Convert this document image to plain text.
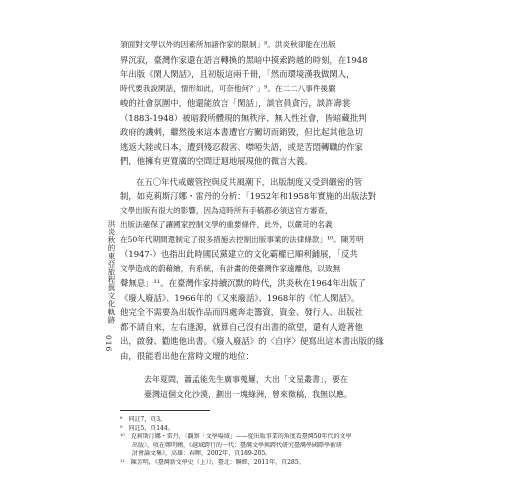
洪炎秋的東亞旅程與文化軌跡
016
須面對文學以外的因素所加諸作家的限制」⁸。洪炎秋卻能在出版
界沉寂，臺灣作家還在語言轉換的黑暗中摸索跨越的時刻，在1948
年出版《閑人閑話》，且初版這兩千冊，「然而環境漢我做閑人，
時代要我說閑話，情形如此，可奈他何？」⁹。在二二八事件後嚴
峻的社會氛圍中，他還能放言「閑話」，談官員貪污，談許壽裳
（1883-1948）被暗殺所體現的無秩序、無人性社會，皆暗藏批判
政府的譏刺，繼然後來這本書遭官方關切而銷毀，但比起其他急切
逃返大陸或日本，遭到殘忍殺害、噤啞失語，或是苦悶轉職的作家
們，他擁有更寬廣的空間迂迴地展現他的微言大義。
在五〇年代戒嚴管控與反共風潮下，出版制度又受到嚴密的管
制，如克莉斯汀娜・雷丹的分析：「1952年和1958年實施的出版法對
文學出版有很大的影響，因為這時所有手稿都必須送官方審查，
出版法確保了讓國家控制文學的重要條件，此外，以嚴苛的名義
在50年代期間還制定了很多措施去控制出版事業的法律條款」¹⁰。陳芳明
（1947-）也指出此時國民黨建立的文化霸權已順利鋪展，「反共
文學造成的蔚藉繪，有系統，有計畫的使臺灣作家遠離他，以致無
聲無息」¹¹。在臺灣作家持續沉默的時代，洪炎秋在1964年出版了
《廢人廢話》、1966年的《又來廢話》、1968年的《忙人閑話》。
他完全不需要為出版作品而四處奔走籌資，資金、發行人、出版社
都不請自來，左右逢源，就算自己沒有出書的欲望，還有人遊著他
出，啟發、勸進他出書。《廢人廢話》的〈自序〉便寫出這本書出版的緣
由，很能看出他在當時文壇的地位：
去年夏間，蕭孟能先生廣事蒐羅，大出「文星叢書」，要在
臺灣這個文化沙漠，劃出一塊綠洲，曾來徵稿，我無以應。
⁸　同註7，頁3。
⁹　同註5，頁144。
¹⁰　克莉斯汀娜・雷丹，〈觀察「文學場域」——從出版事業的角度看臺灣50年代的文學
　　出版〉，收在鄭明娳，《越域跨行的一代：臺灣文學與跨代研究臺灣學國際學術研
　　討會論文集》，高雄：春暉，2002年，頁189-205。
¹¹　陳芳明，《臺灣新文學史（上）》，臺北：聯經，2011年，頁285。
